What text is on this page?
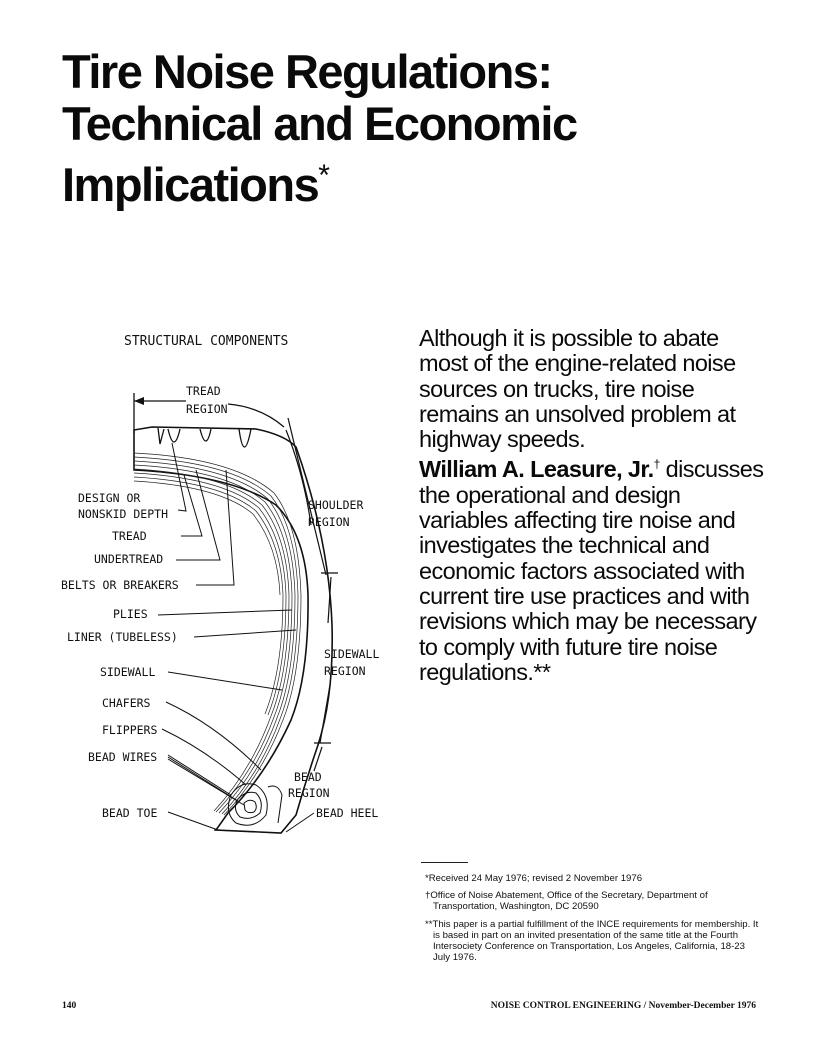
Tire Noise Regulations:
Technical and Economic
Implications*
STRUCTURAL COMPONENTS
TREAD
REGION
SHOULDER
REGION
SIDEWALL
REGION
BEAD
REGION
DESIGN OR
NONSKID DEPTH
TREAD
UNDERTREAD
BELTS OR BREAKERS
PLIES
LINER (TUBELESS)
SIDEWALL
CHAFERS
FLIPPERS
BEAD WIRES
BEAD TOE	BEAD HEEL

Although it is possible to abate most of the engine-related noise sources on trucks, tire noise remains an unsolved problem at highway speeds.
William A. Leasure, Jr.† discusses the operational and design variables affecting tire noise and investigates the technical and economic factors associated with current tire use practices and with revisions which may be necessary to comply with future tire noise regulations.**

*Received 24 May 1976; revised 2 November 1976

†Office of Noise Abatement, Office of the Secretary, Department of Transportation, Washington, DC 20590

**This paper is a partial fulfillment of the INCE requirements for membership. It is based in part on an invited presentation of the same title at the Fourth Intersociety Conference on Transportation, Los Angeles, California, 18-23 July 1976.

140	NOISE CONTROL ENGINEERING / November-December 1976
